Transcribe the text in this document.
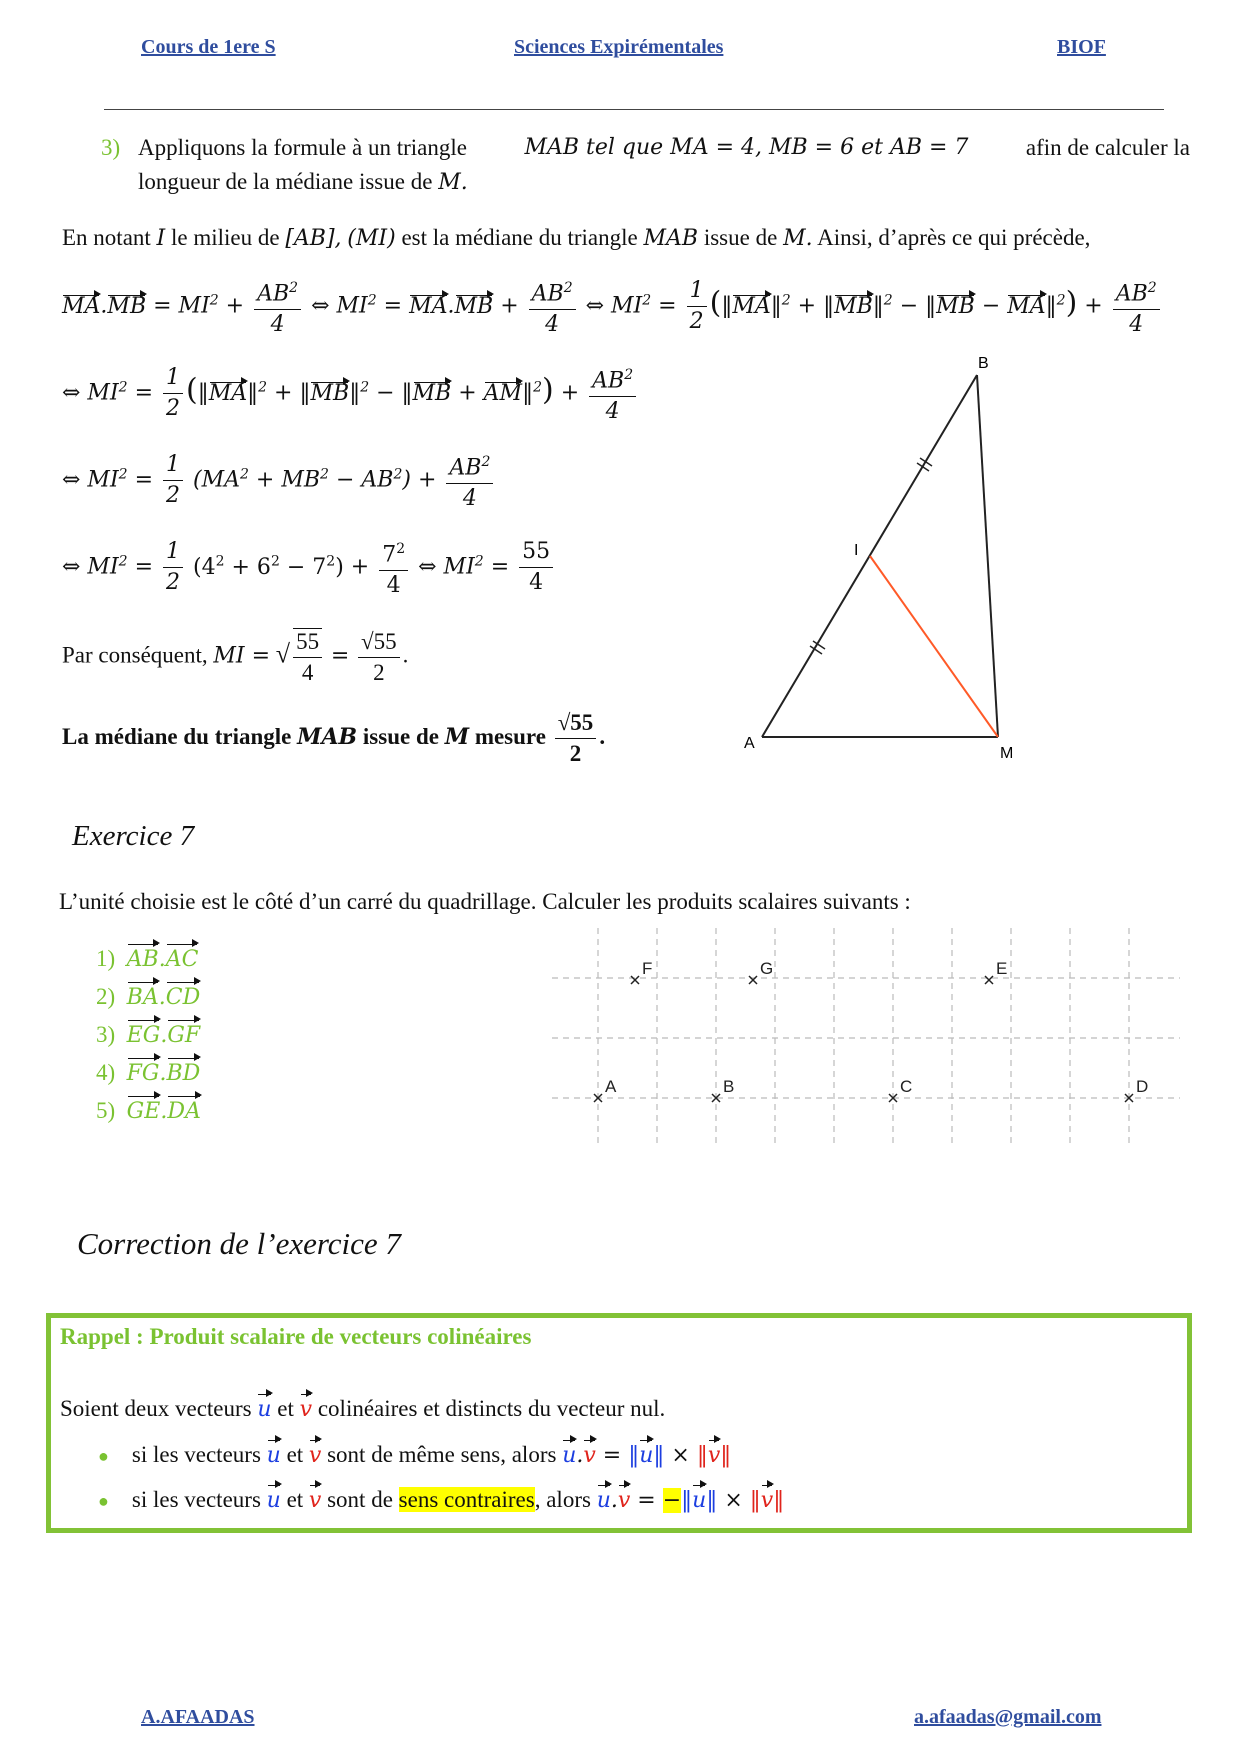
Cours de 1ere S	Sciences Expirémentales	BIOF
3) Appliquons la formule à un triangle	MAB tel que MA = 4, MB = 6 et AB = 7 afin de calculer la
longueur de la médiane issue de M.
En notant I le milieu de [AB], (MI) est la médiane du triangle MAB issue de M. Ainsi, d’après ce qui précède,
$MA.MB = MI^2 + \frac{AB^2}{4}$ ⇔ $MI^2 = MA.MB + \frac{AB^2}{4}$ ⇔ $MI^2 = \frac{1}{2}$ (‖MA‖$^2$ + ‖MB‖$^2$ − ‖MB − MA‖$^2$) + $\frac{AB^2}{4}$
⇔ $MI^2 = \frac{1}{2}$ (‖MA‖$^2$ + ‖MB‖$^2$ − ‖MB + AM‖$^2$) + $\frac{AB^2}{4}$
⇔ $MI^2 = \frac{1}{2} (MA^2 + MB^2 - AB^2) + \frac{AB^2}{4}$
⇔ $MI^2 = \frac{1}{2} (4^2 + 6^2 - 7^2) + \frac{7^2}{4}$ ⇔ $MI^2 = \frac{55}{4}$
Par conséquent, MI = √ $\frac{55}{4} = \frac{√55}{2}$ .
La médiane du triangle MAB issue de M mesure $\frac{√55}{2}$ .
B
I
A
M
Exercice 7
L’unité choisie est le côté d’un carré du quadrillage. Calculer les produits scalaires suivants :
1) AB.AC
2) BA.CD
3) EG.GF
4) FG.BD
5) GE.DA
F	G	E
A	B	C	D
Correction de l’exercice 7
Rappel : Produit scalaire de vecteurs colinéaires
Soient deux vecteurs u et v colinéaires et distincts du vecteur nul.
● si les vecteurs u et v sont de même sens, alors u.v = ‖u‖ × ‖v‖
● si les vecteurs u et v sont de sens contraires, alors u.v = −‖u‖ × ‖v‖
A.AFAADAS	a.afaadas@gmail.com
